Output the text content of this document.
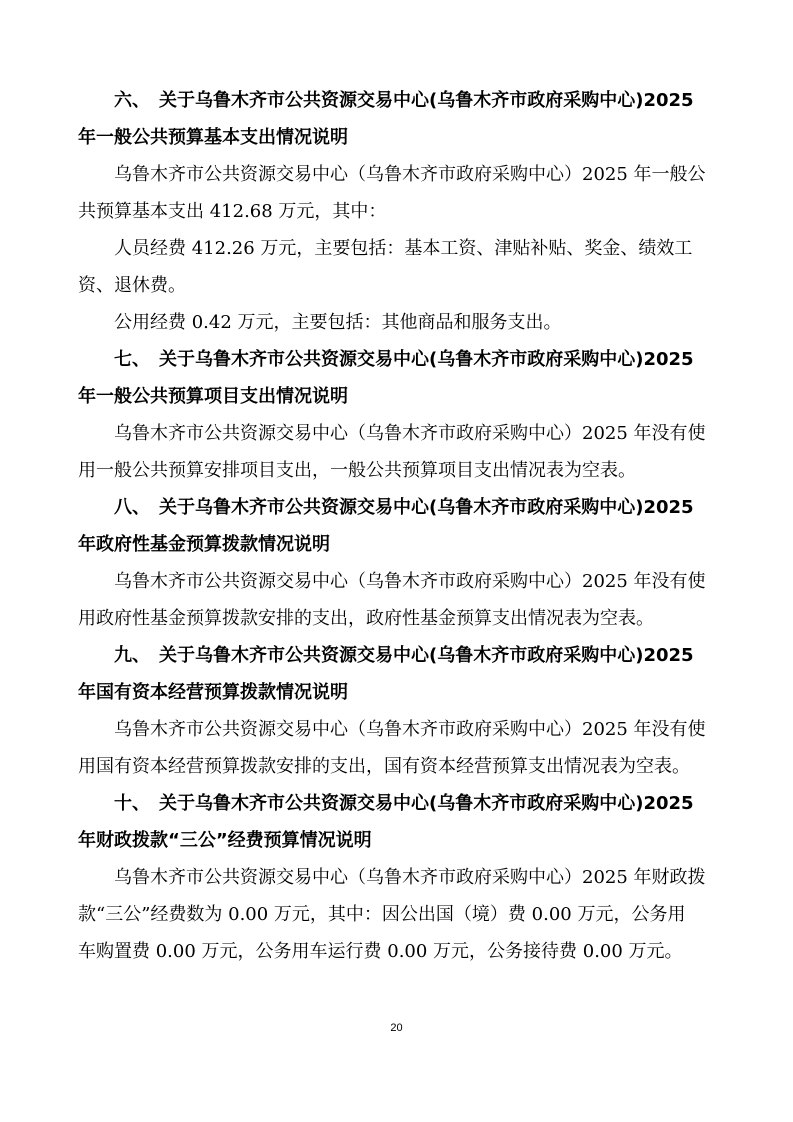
六、　关于乌鲁木齐市公共资源交易中心(乌鲁木齐市政府采购中心)2025
年一般公共预算基本支出情况说明
乌鲁木齐市公共资源交易中心（乌鲁木齐市政府采购中心）2025 年一般公
共预算基本支出 412.68 万元，其中：
人员经费 412.26 万元，主要包括：基本工资、津贴补贴、奖金、绩效工
资、退休费。
公用经费 0.42 万元，主要包括：其他商品和服务支出。
七、　关于乌鲁木齐市公共资源交易中心(乌鲁木齐市政府采购中心)2025
年一般公共预算项目支出情况说明
乌鲁木齐市公共资源交易中心（乌鲁木齐市政府采购中心）2025 年没有使
用一般公共预算安排项目支出，一般公共预算项目支出情况表为空表。
八、　关于乌鲁木齐市公共资源交易中心(乌鲁木齐市政府采购中心)2025
年政府性基金预算拨款情况说明
乌鲁木齐市公共资源交易中心（乌鲁木齐市政府采购中心）2025 年没有使
用政府性基金预算拨款安排的支出，政府性基金预算支出情况表为空表。
九、　关于乌鲁木齐市公共资源交易中心(乌鲁木齐市政府采购中心)2025
年国有资本经营预算拨款情况说明
乌鲁木齐市公共资源交易中心（乌鲁木齐市政府采购中心）2025 年没有使
用国有资本经营预算拨款安排的支出，国有资本经营预算支出情况表为空表。
十、　关于乌鲁木齐市公共资源交易中心(乌鲁木齐市政府采购中心)2025
年财政拨款“三公”经费预算情况说明
乌鲁木齐市公共资源交易中心（乌鲁木齐市政府采购中心）2025 年财政拨
款“三公”经费数为 0.00 万元，其中：因公出国（境）费 0.00 万元，公务用
车购置费 0.00 万元，公务用车运行费 0.00 万元，公务接待费 0.00 万元。
20
